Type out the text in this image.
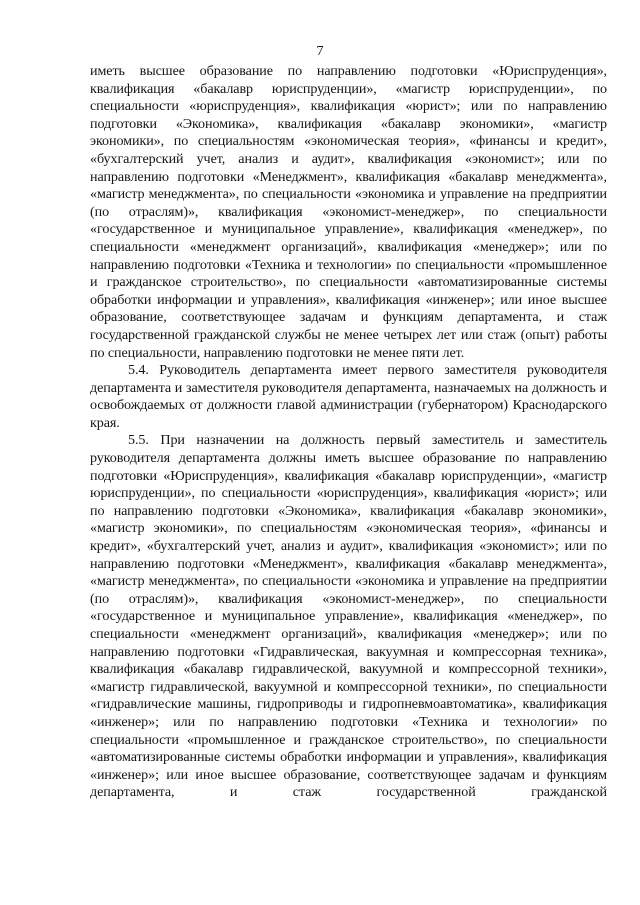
7

иметь высшее образование по направлению подготовки «Юриспруденция», квалификация «бакалавр юриспруденции», «магистр юриспруденции», по специальности «юриспруденция», квалификация «юрист»; или по направлению подготовки «Экономика», квалификация «бакалавр экономики», «магистр экономики», по специальностям «экономическая теория», «финансы и кредит», «бухгалтерский учет, анализ и аудит», квалификация «экономист»; или по направлению подготовки «Менеджмент», квалификация «бакалавр менеджмента», «магистр менеджмента», по специальности «экономика и управление на предприятии (по отраслям)», квалификация «экономист-менеджер», по специальности «государственное и муниципальное управление», квалификация «менеджер», по специальности «менеджмент организаций», квалификация «менеджер»; или по направлению подготовки «Техника и технологии» по специальности «промышленное и гражданское строительство», по специальности «автоматизированные системы обработки информации и управления», квалификация «инженер»; или иное высшее образование, соответствующее задачам и функциям департамента, и стаж государственной гражданской службы не менее четырех лет или стаж (опыт) работы по специальности, направлению подготовки не менее пяти лет.

5.4. Руководитель департамента имеет первого заместителя руководителя департамента и заместителя руководителя департамента, назначаемых на должность и освобождаемых от должности главой администрации (губернатором) Краснодарского края.

5.5. При назначении на должность первый заместитель и заместитель руководителя департамента должны иметь высшее образование по направлению подготовки «Юриспруденция», квалификация «бакалавр юриспруденции», «магистр юриспруденции», по специальности «юриспруденция», квалификация «юрист»; или по направлению подготовки «Экономика», квалификация «бакалавр экономики», «магистр экономики», по специальностям «экономическая теория», «финансы и кредит», «бухгалтерский учет, анализ и аудит», квалификация «экономист»; или по направлению подготовки «Менеджмент», квалификация «бакалавр менеджмента», «магистр менеджмента», по специальности «экономика и управление на предприятии (по отраслям)», квалификация «экономист-менеджер», по специальности «государственное и муниципальное управление», квалификация «менеджер», по специальности «менеджмент организаций», квалификация «менеджер»; или по направлению подготовки «Гидравлическая, вакуумная и компрессорная техника», квалификация «бакалавр гидравлической, вакуумной и компрессорной техники», «магистр гидравлической, вакуумной и компрессорной техники», по специальности «гидравлические машины, гидроприводы и гидропневмоавтоматика», квалификация «инженер»; или по направлению подготовки «Техника и технологии» по специальности «промышленное и гражданское строительство», по специальности «автоматизированные системы обработки информации и управления», квалификация «инженер»; или иное высшее образование, соответствующее задачам и функциям департамента, и стаж государственной гражданской
